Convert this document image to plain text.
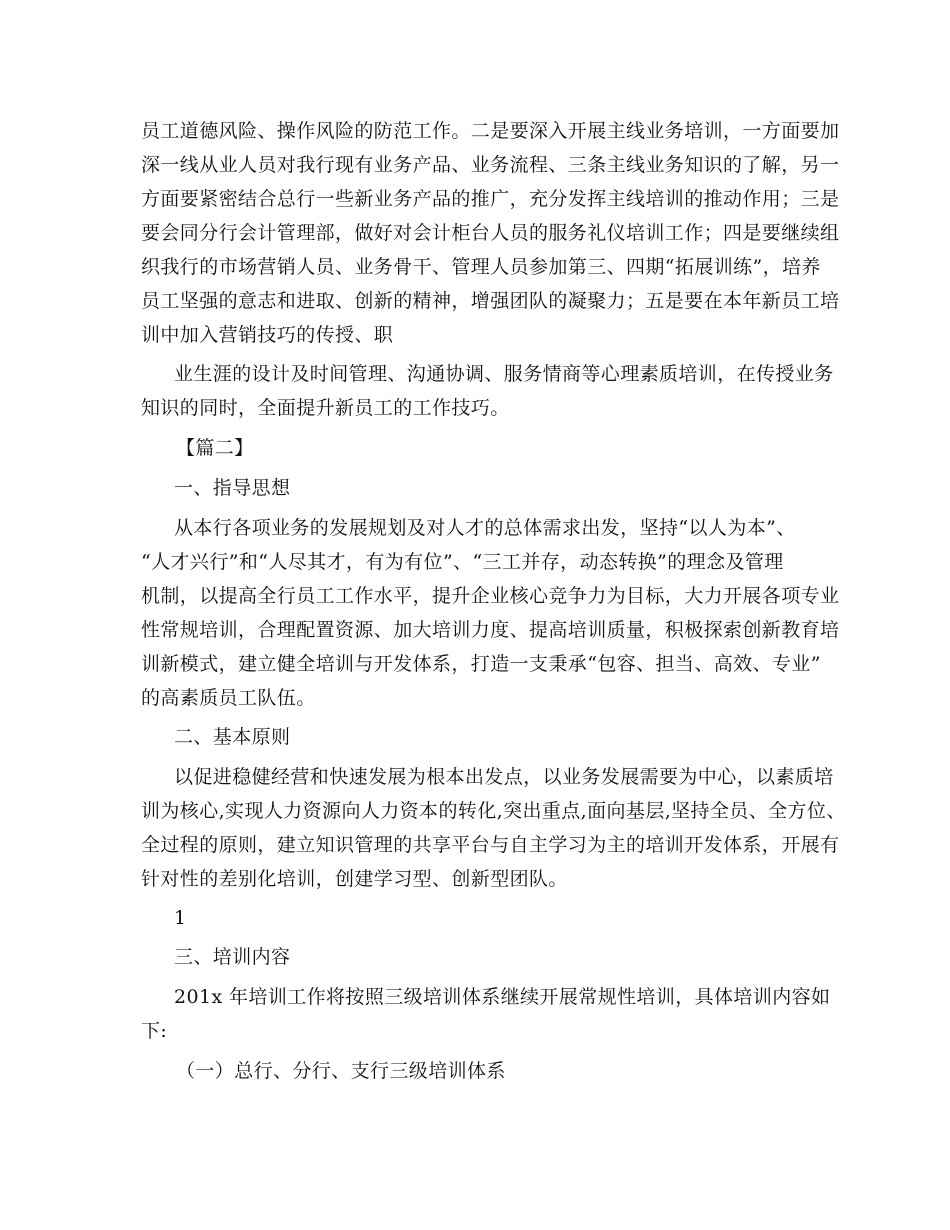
员工道德风险、操作风险的防范工作。二是要深入开展主线业务培训，一方面要加
深一线从业人员对我行现有业务产品、业务流程、三条主线业务知识的了解，另一
方面要紧密结合总行一些新业务产品的推广，充分发挥主线培训的推动作用；三是
要会同分行会计管理部，做好对会计柜台人员的服务礼仪培训工作；四是要继续组
织我行的市场营销人员、业务骨干、管理人员参加第三、四期“拓展训练”，培养
员工坚强的意志和进取、创新的精神，增强团队的凝聚力；五是要在本年新员工培
训中加入营销技巧的传授、职
业生涯的设计及时间管理、沟通协调、服务情商等心理素质培训，在传授业务
知识的同时，全面提升新员工的工作技巧。
【篇二】
一、指导思想
从本行各项业务的发展规划及对人才的总体需求出发，坚持“以人为本”、
“人才兴行”和“人尽其才，有为有位”、“三工并存，动态转换”的理念及管理
机制，以提高全行员工工作水平，提升企业核心竞争力为目标，大力开展各项专业
性常规培训，合理配置资源、加大培训力度、提高培训质量，积极探索创新教育培
训新模式，建立健全培训与开发体系，打造一支秉承“包容、担当、高效、专业”
的高素质员工队伍。
二、基本原则
以促进稳健经营和快速发展为根本出发点，以业务发展需要为中心，以素质培
训为核心,实现人力资源向人力资本的转化,突出重点,面向基层,坚持全员、全方位、
全过程的原则，建立知识管理的共享平台与自主学习为主的培训开发体系，开展有
针对性的差别化培训，创建学习型、创新型团队。
1
三、培训内容
201x 年培训工作将按照三级培训体系继续开展常规性培训，具体培训内容如
下:
（一）总行、分行、支行三级培训体系
